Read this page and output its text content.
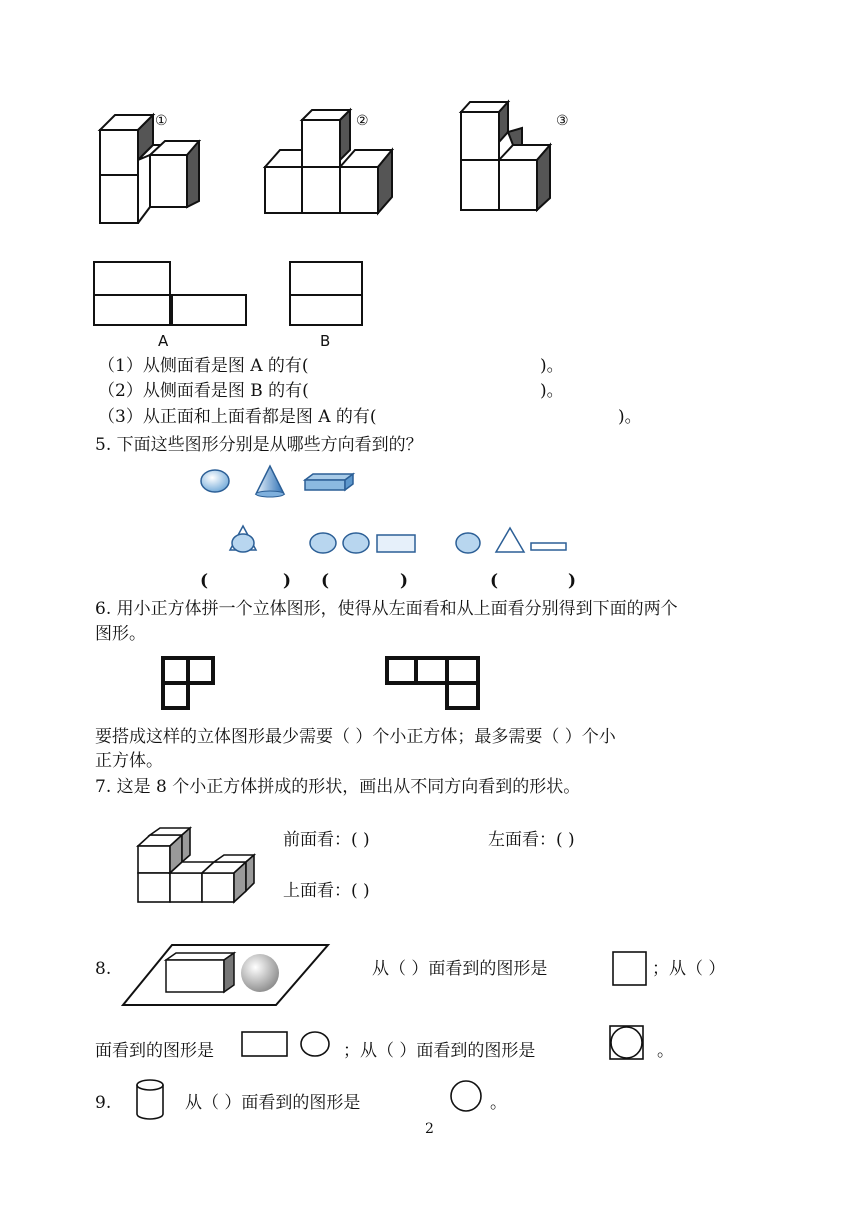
①	②	③
A	B
（1）从侧面看是图 A 的有(	)。
（2）从侧面看是图 B 的有(	)。
（3）从正面和上面看都是图 A 的有(	)。
5. 下面这些图形分别是从哪些方向看到的？
(	) (	)	(	)
6. 用小正方体拼一个立体图形，使得从左面看和从上面看分别得到下面的两个
图形。
要搭成这样的立体图形最少需要（ ）个小正方体；最多需要（ ）个小
正方体。
7. 这是 8 个小正方体拼成的形状，画出从不同方向看到的形状。
前面看：( )	左面看：( )
上面看：( )
8.	从（ ）面看到的图形是	；从（ ）
面看到的图形是	；从（ ）面看到的图形是	。
9.	从（ ）面看到的图形是	。
2
